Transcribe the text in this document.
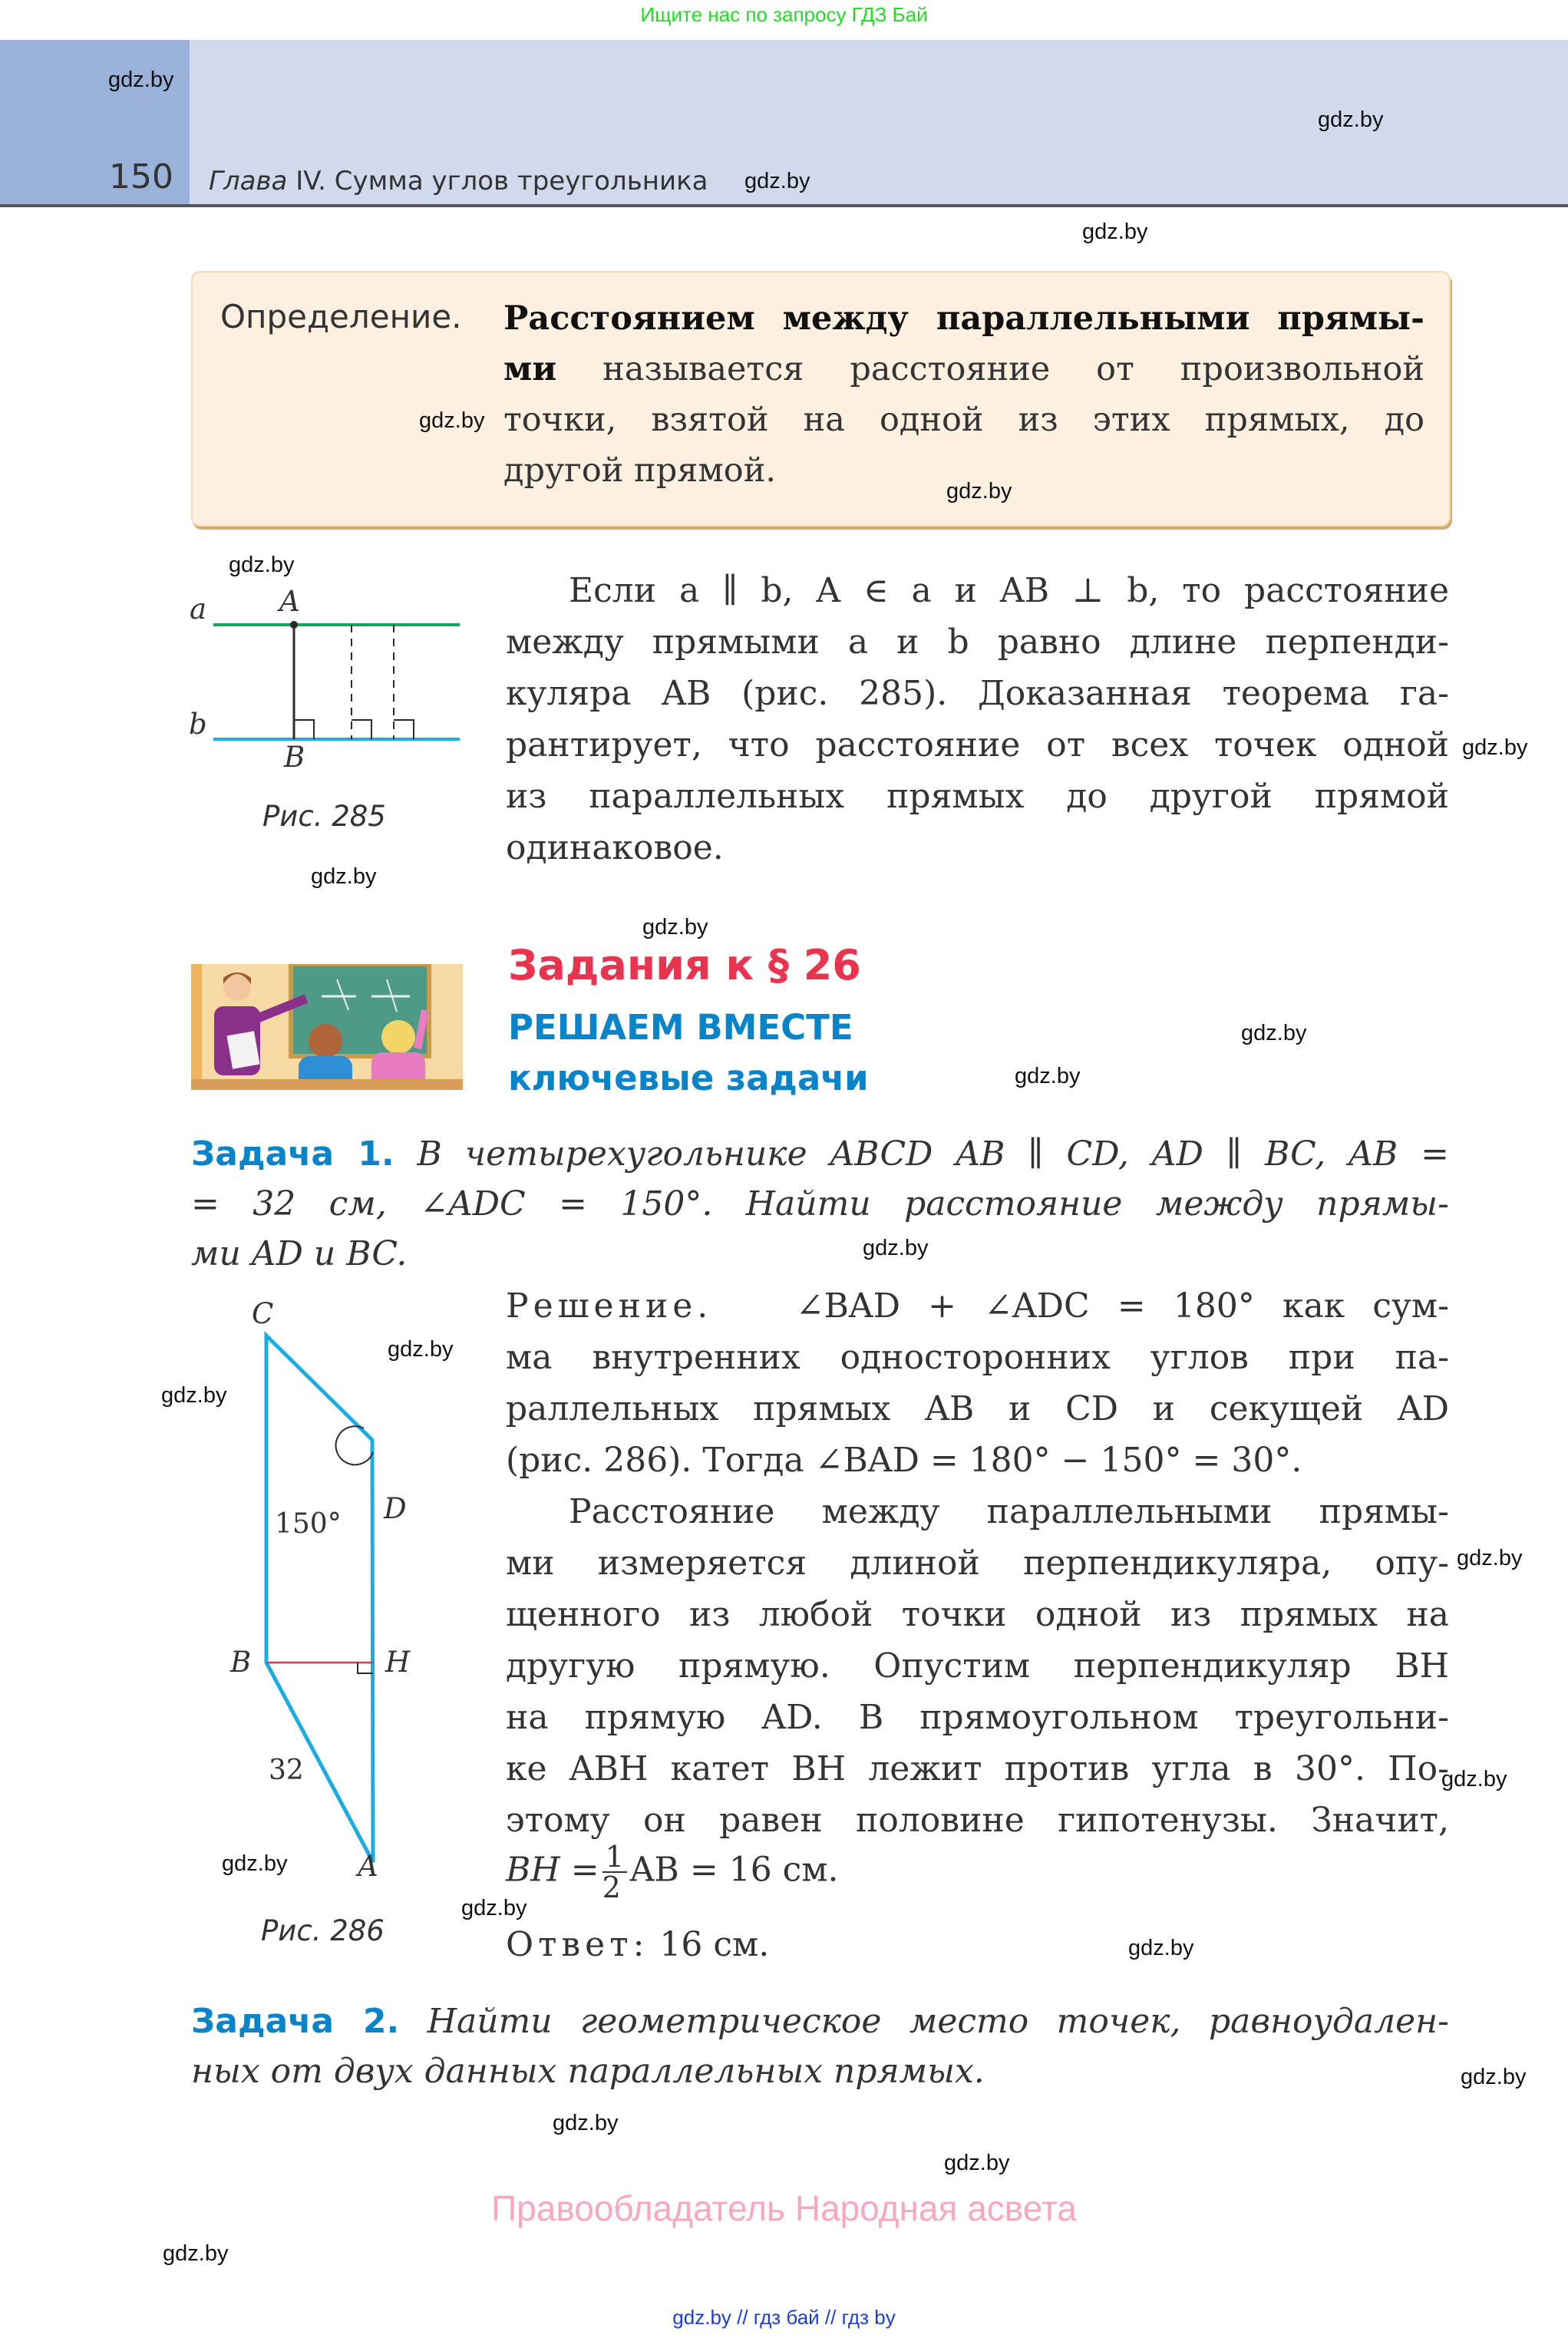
Ищите нас по запросу ГДЗ Бай
150 Глава IV. Сумма углов треугольника
Определение. Расстоянием между параллельными прямы-
ми называется расстояние от произвольной
точки, взятой на одной из этих прямых, до
другой прямой.
a	A
b
B
Рис. 285
Если a ∥ b, A ∈ a и AB ⊥ b, то расстояние
между прямыми a и b равно длине перпенди-
куляра AB (рис. 285). Доказанная теорема га-
рантирует, что расстояние от всех точек одной
из параллельных прямых до другой прямой
одинаковое.
Задания к § 26
РЕШАЕМ ВМЕСТЕ
ключевые задачи
Задача 1. В четырехугольнике ABCD AB ∥ CD, AD ∥ BC, AB =
= 32 см, ∠ADC = 150°. Найти расстояние между прямы-
ми AD и BC.
C
D
B	H
A
150°
32
Рис. 286
Решение. ∠BAD + ∠ADC = 180° как сум-
ма внутренних односторонних углов при па-
раллельных прямых AB и CD и секущей AD
(рис. 286). Тогда ∠BAD = 180° − 150° = 30°.
Расстояние между параллельными прямы-
ми измеряется длиной перпендикуляра, опу-
щенного из любой точки одной из прямых на
другую прямую. Опустим перпендикуляр BH
на прямую AD. В прямоугольном треугольни-
ке ABH катет BH лежит против угла в 30°. По-
этому он равен половине гипотенузы. Значит,
BH = $\frac{1}{2}$ AB = 16 см.
Ответ: 16 см.
Задача 2. Найти геометрическое место точек, равноудален-
ных от двух данных параллельных прямых.
Правообладатель Народная асвета
gdz.by // гдз бай // гдз by
gdz.by
gdz.by
gdz.by
gdz.by
gdz.by
gdz.by
gdz.by
gdz.by
gdz.by
gdz.by
gdz.by
gdz.by
gdz.by
gdz.by
gdz.by
gdz.by
gdz.by
gdz.by
gdz.by
gdz.by
gdz.by
gdz.by
gdz.by
gdz.by
